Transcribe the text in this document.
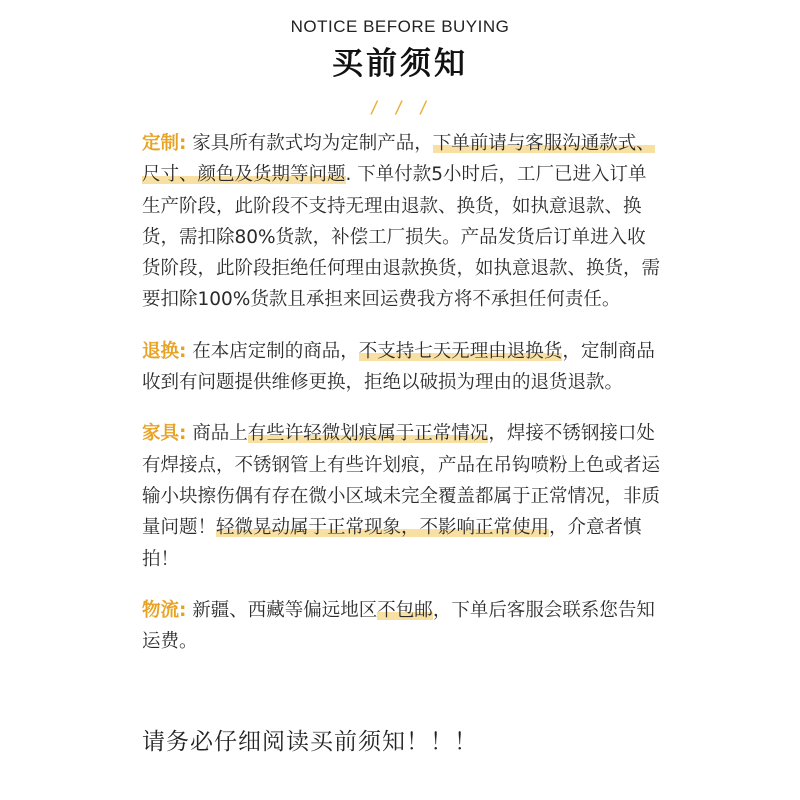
NOTICE BEFORE BUYING
买前须知
/ / /

定制: 家具所有款式均为定制产品，下单前请与客服沟通款式、尺寸、颜色及货期等问题. 下单付款5小时后，工厂已进入订单生产阶段，此阶段不支持无理由退款、换货，如执意退款、换货，需扣除80%货款，补偿工厂损失。产品发货后订单进入收货阶段，此阶段拒绝任何理由退款换货，如执意退款、换货，需要扣除100%货款且承担来回运费我方将不承担任何责任。

退换: 在本店定制的商品，不支持七天无理由退换货，定制商品收到有问题提供维修更换，拒绝以破损为理由的退货退款。

家具: 商品上有些许轻微划痕属于正常情况，焊接不锈钢接口处有焊接点，不锈钢管上有些许划痕，产品在吊钩喷粉上色或者运输小块擦伤偶有存在微小区域未完全覆盖都属于正常情况，非质量问题！轻微晃动属于正常现象，不影响正常使用，介意者慎拍！

物流: 新疆、西藏等偏远地区不包邮，下单后客服会联系您告知运费。

请务必仔细阅读买前须知！！！
